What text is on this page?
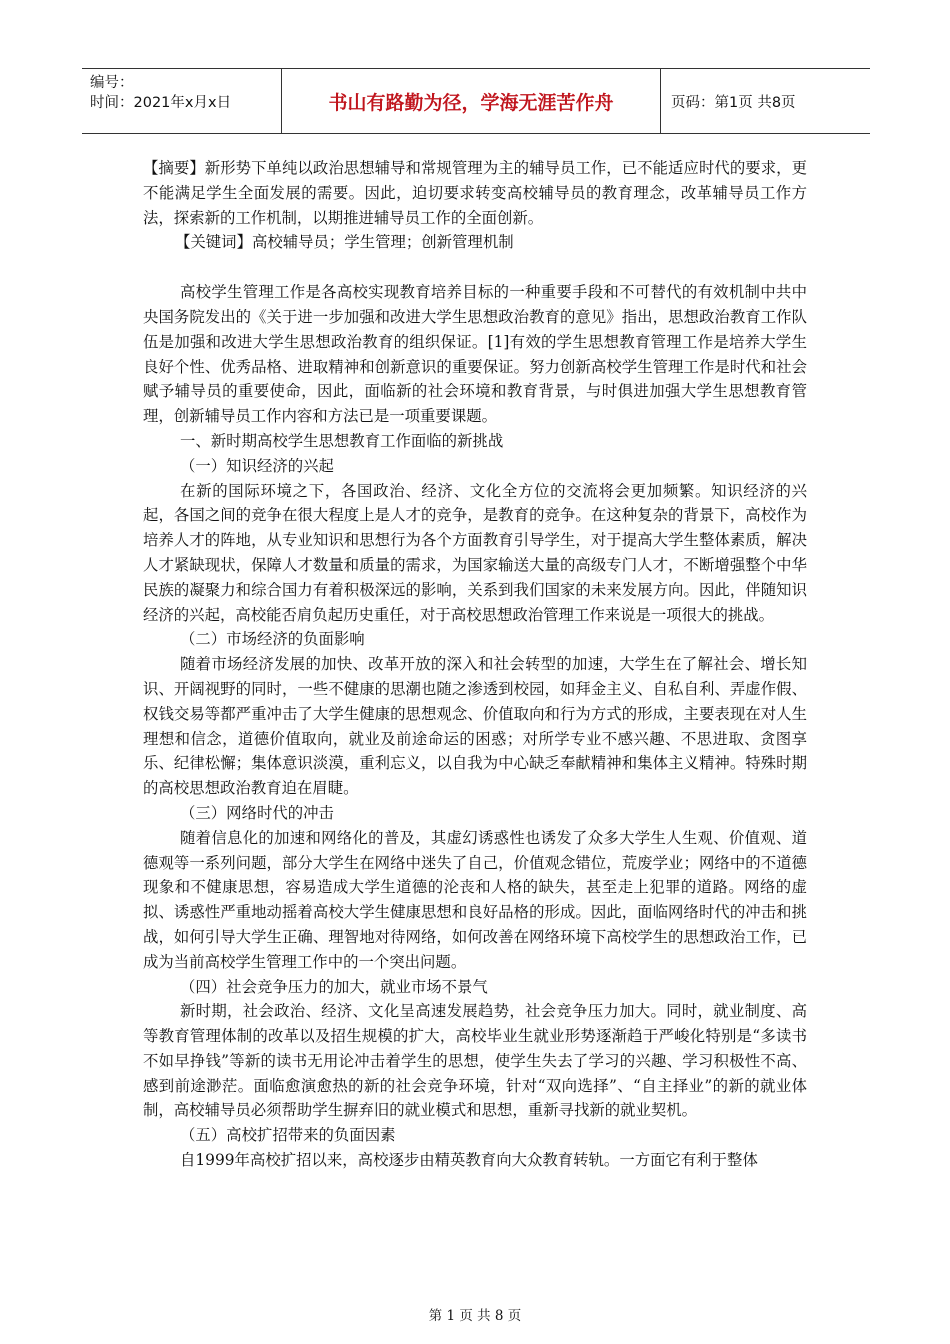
编号：
时间：2021年x月x日	书山有路勤为径，学海无涯苦作舟	页码：第1页 共8页

【摘要】新形势下单纯以政治思想辅导和常规管理为主的辅导员工作，已不能适应时代的要求，更不能满足学生全面发展的需要。因此，迫切要求转变高校辅导员的教育理念，改革辅导员工作方法，探索新的工作机制，以期推进辅导员工作的全面创新。

【关键词】高校辅导员；学生管理；创新管理机制

高校学生管理工作是各高校实现教育培养目标的一种重要手段和不可替代的有效机制中共中央国务院发出的《关于进一步加强和改进大学生思想政治教育的意见》指出，思想政治教育工作队伍是加强和改进大学生思想政治教育的组织保证。[1]有效的学生思想教育管理工作是培养大学生良好个性、优秀品格、进取精神和创新意识的重要保证。努力创新高校学生管理工作是时代和社会赋予辅导员的重要使命，因此，面临新的社会环境和教育背景，与时俱进加强大学生思想教育管理，创新辅导员工作内容和方法已是一项重要课题。

一、新时期高校学生思想教育工作面临的新挑战

（一）知识经济的兴起

在新的国际环境之下，各国政治、经济、文化全方位的交流将会更加频繁。知识经济的兴起，各国之间的竞争在很大程度上是人才的竞争，是教育的竞争。在这种复杂的背景下，高校作为培养人才的阵地，从专业知识和思想行为各个方面教育引导学生，对于提高大学生整体素质，解决人才紧缺现状，保障人才数量和质量的需求，为国家输送大量的高级专门人才，不断增强整个中华民族的凝聚力和综合国力有着积极深远的影响，关系到我们国家的未来发展方向。因此，伴随知识经济的兴起，高校能否肩负起历史重任，对于高校思想政治管理工作来说是一项很大的挑战。

（二）市场经济的负面影响

随着市场经济发展的加快、改革开放的深入和社会转型的加速，大学生在了解社会、增长知识、开阔视野的同时，一些不健康的思潮也随之渗透到校园，如拜金主义、自私自利、弄虚作假、权钱交易等都严重冲击了大学生健康的思想观念、价值取向和行为方式的形成，主要表现在对人生理想和信念，道德价值取向，就业及前途命运的困惑；对所学专业不感兴趣、不思进取、贪图享乐、纪律松懈；集体意识淡漠，重利忘义，以自我为中心缺乏奉献精神和集体主义精神。特殊时期的高校思想政治教育迫在眉睫。

（三）网络时代的冲击

随着信息化的加速和网络化的普及，其虚幻诱惑性也诱发了众多大学生人生观、价值观、道德观等一系列问题，部分大学生在网络中迷失了自己，价值观念错位，荒废学业；网络中的不道德现象和不健康思想，容易造成大学生道德的沦丧和人格的缺失，甚至走上犯罪的道路。网络的虚拟、诱惑性严重地动摇着高校大学生健康思想和良好品格的形成。因此，面临网络时代的冲击和挑战，如何引导大学生正确、理智地对待网络，如何改善在网络环境下高校学生的思想政治工作，已成为当前高校学生管理工作中的一个突出问题。

（四）社会竞争压力的加大，就业市场不景气

新时期，社会政治、经济、文化呈高速发展趋势，社会竞争压力加大。同时，就业制度、高等教育管理体制的改革以及招生规模的扩大，高校毕业生就业形势逐渐趋于严峻化特别是“多读书不如早挣钱”等新的读书无用论冲击着学生的思想，使学生失去了学习的兴趣、学习积极性不高、感到前途渺茫。面临愈演愈热的新的社会竞争环境，针对“双向选择”、“自主择业”的新的就业体制，高校辅导员必须帮助学生摒弃旧的就业模式和思想，重新寻找新的就业契机。

（五）高校扩招带来的负面因素

自1999年高校扩招以来，高校逐步由精英教育向大众教育转轨。一方面它有利于整体

第 1 页 共 8 页
